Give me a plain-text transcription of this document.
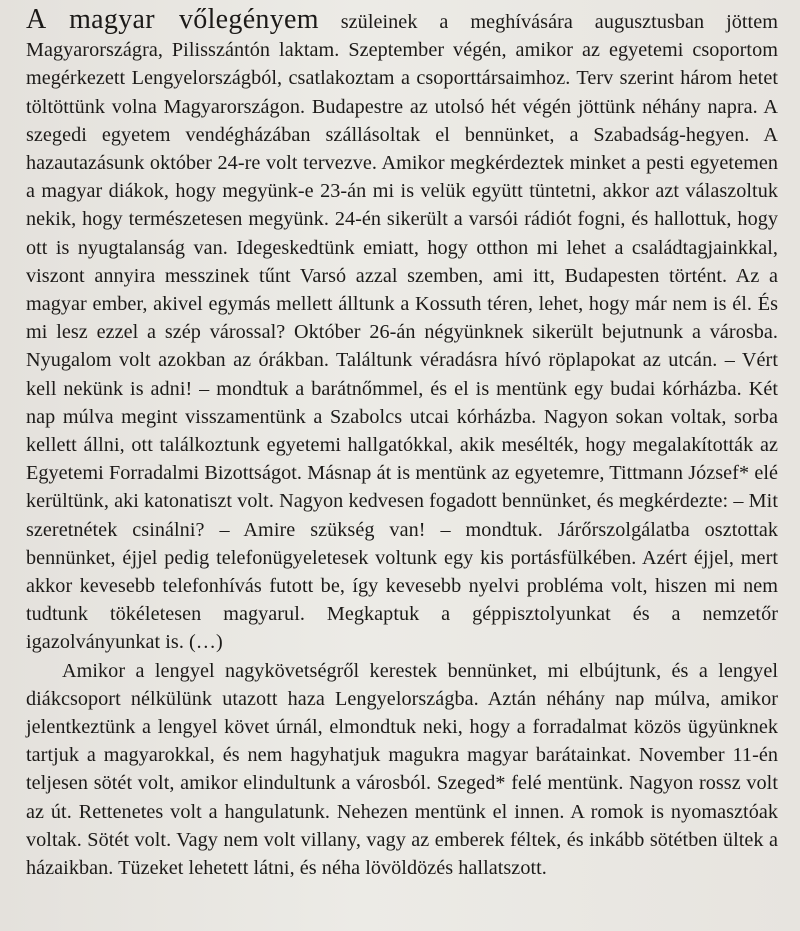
A magyar vőlegényem szüleinek a meghívására augusztusban jöttem Magyarországra, Pilisszántón laktam. Szeptember végén, amikor az egyetemi csoportom megérkezett Lengyelországból, csatlakoztam a csoporttársaimhoz. Terv szerint három hetet töltöttünk volna Magyarországon. Budapestre az utolsó hét végén jöttünk néhány napra. A szegedi egyetem vendégházában szállásoltak el bennünket, a Szabadság-hegyen. A hazautazásunk október 24-re volt tervezve. Amikor megkérdeztek minket a pesti egyetemen a magyar diákok, hogy megyünk-e 23-án mi is velük együtt tüntetni, akkor azt válaszoltuk nekik, hogy természetesen megyünk. 24-én sikerült a varsói rádiót fogni, és hallottuk, hogy ott is nyugtalanság van. Idegeskedtünk emiatt, hogy otthon mi lehet a családtagjainkkal, viszont annyira messzinek tűnt Varsó azzal szemben, ami itt, Budapesten történt. Az a magyar ember, akivel egymás mellett álltunk a Kossuth téren, lehet, hogy már nem is él. És mi lesz ezzel a szép várossal? Október 26-án négyünknek sikerült bejutnunk a városba. Nyugalom volt azokban az órákban. Találtunk véradásra hívó röplapokat az utcán. – Vért kell nekünk is adni! – mondtuk a barátnőmmel, és el is mentünk egy budai kórházba. Két nap múlva megint visszamentünk a Szabolcs utcai kórházba. Nagyon sokan voltak, sorba kellett állni, ott találkoztunk egyetemi hallgatókkal, akik mesélték, hogy megalakították az Egyetemi Forradalmi Bizottságot. Másnap át is mentünk az egyetemre, Tittmann József* elé kerültünk, aki katonatiszt volt. Nagyon kedvesen fogadott bennünket, és megkérdezte: – Mit szeretnétek csinálni? – Amire szükség van! – mondtuk. Járőrszolgálatba osztottak bennünket, éjjel pedig telefonügyeletesek voltunk egy kis portásfülkében. Azért éjjel, mert akkor kevesebb telefonhívás futott be, így kevesebb nyelvi probléma volt, hiszen mi nem tudtunk tökéletesen magyarul. Megkaptuk a géppisztolyunkat és a nemzetőr igazolványunkat is. (…)

Amikor a lengyel nagykövetségről kerestek bennünket, mi elbújtunk, és a lengyel diákcsoport nélkülünk utazott haza Lengyelországba. Aztán néhány nap múlva, amikor jelentkeztünk a lengyel követ úrnál, elmondtuk neki, hogy a forradalmat közös ügyünknek tartjuk a magyarokkal, és nem hagyhatjuk magukra magyar barátainkat. November 11-én teljesen sötét volt, amikor elindultunk a városból. Szeged* felé mentünk. Nagyon rossz volt az út. Rettenetes volt a hangulatunk. Nehezen mentünk el innen. A romok is nyomasztóak voltak. Sötét volt. Vagy nem volt villany, vagy az emberek féltek, és inkább sötétben ültek a házaikban. Tüzeket lehetett látni, és néha lövöldözés hallatszott.
